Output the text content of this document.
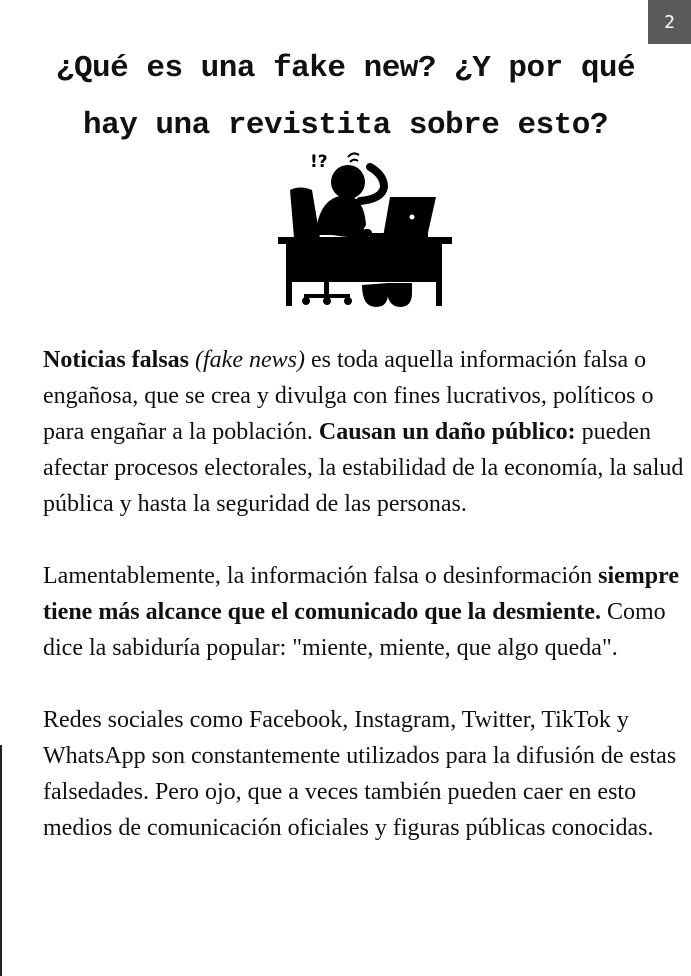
2
¿Qué es una fake new? ¿Y por qué
hay una revistita sobre esto?
!?

Noticias falsas (fake news) es toda aquella información falsa o engañosa, que se crea y divulga con fines lucrativos, políticos o para engañar a la población. Causan un daño público: pueden afectar procesos electorales, la estabilidad de la economía, la salud pública y hasta la seguridad de las personas.

Lamentablemente, la información falsa o desinformación siempre tiene más alcance que el comunicado que la desmiente. Como dice la sabiduría popular: "miente, miente, que algo queda".

Redes sociales como Facebook, Instagram, Twitter, TikTok y WhatsApp son constantemente utilizados para la difusión de estas falsedades. Pero ojo, que a veces también pueden caer en esto medios de comunicación oficiales y figuras públicas conocidas.
